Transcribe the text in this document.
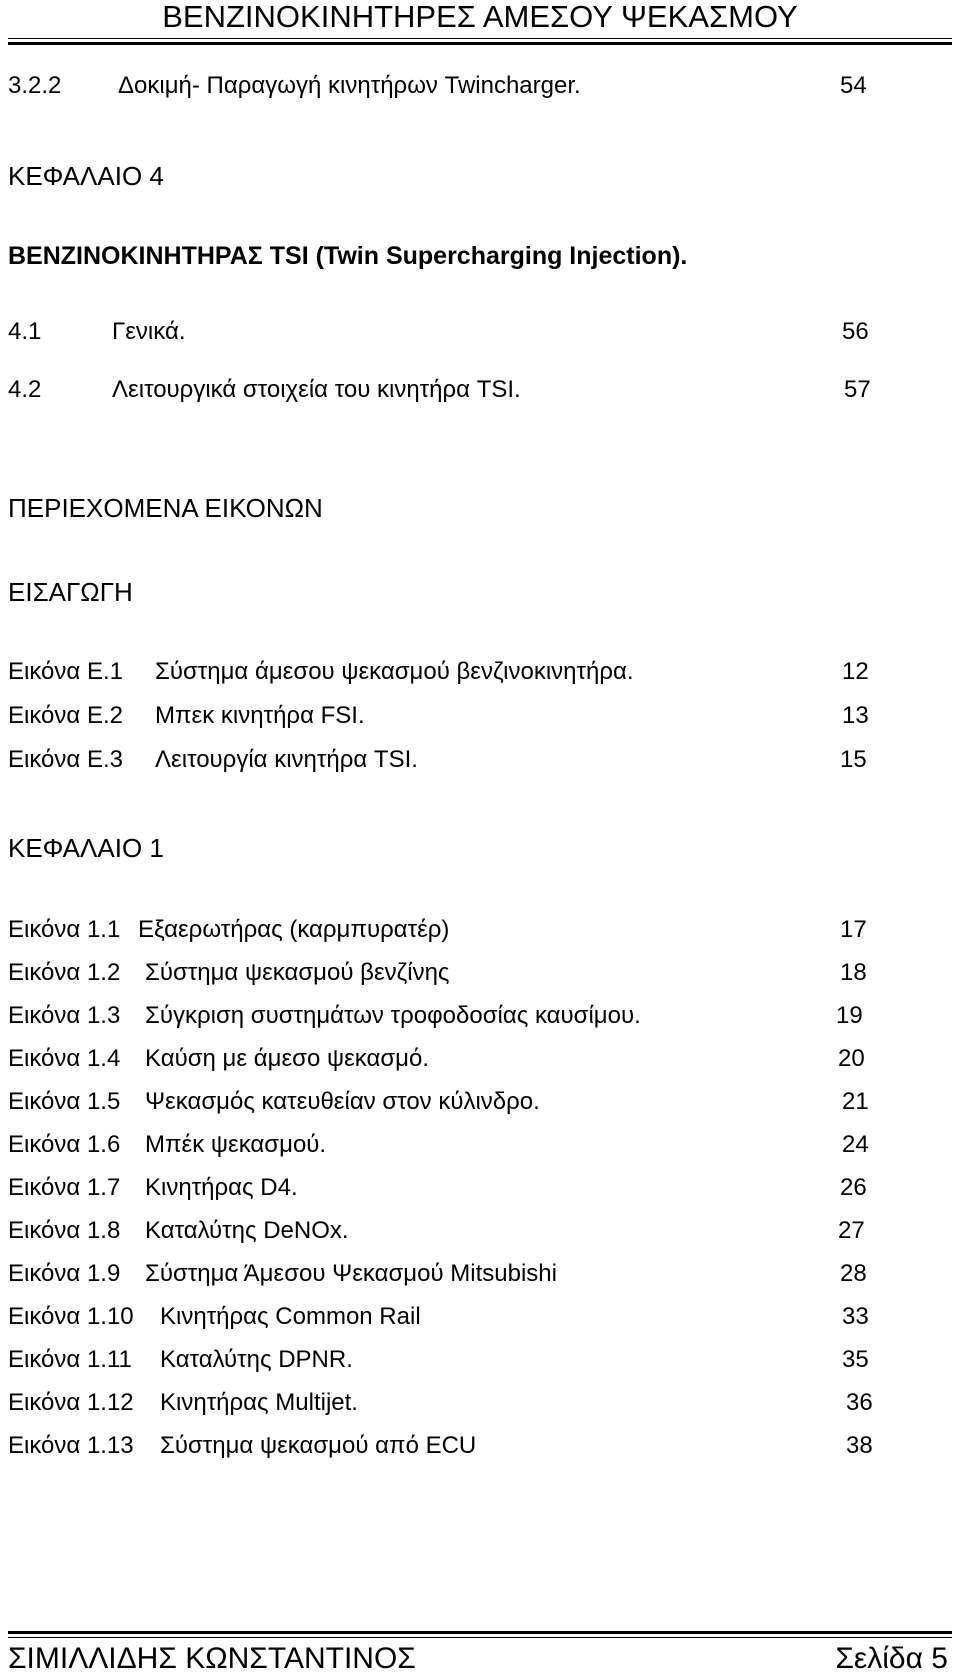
ΒΕΝΖΙΝΟΚΙΝΗΤΗΡΕΣ ΑΜΕΣΟΥ ΨΕΚΑΣΜΟΥ
3.2.2 Δοκιμή- Παραγωγή κινητήρων Twincharger.	54
ΚΕΦΑΛΑΙΟ 4
ΒΕΝΖΙΝΟΚΙΝΗΤΗΡΑΣ TSI (Twin Supercharging Injection).
4.1	Γενικά.	56
4.2	Λειτουργικά στοιχεία του κινητήρα TSI.	57
ΠΕΡΙΕΧΟΜΕΝΑ ΕΙΚΟΝΩΝ
ΕΙΣΑΓΩΓΗ
Εικόνα Ε.1 Σύστημα άμεσου ψεκασμού βενζινοκινητήρα.	12
Εικόνα Ε.2 Μπεκ κινητήρα FSI.	13
Εικόνα Ε.3 Λειτουργία κινητήρα TSI.	15
ΚΕΦΑΛΑΙΟ 1
Εικόνα 1.1 Εξαερωτήρας (καρμπυρατέρ)	17
Εικόνα 1.2 Σύστημα ψεκασμού βενζίνης	18
Εικόνα 1.3 Σύγκριση συστημάτων τροφοδοσίας καυσίμου.	19
Εικόνα 1.4 Καύση με άμεσο ψεκασμό.	20
Εικόνα 1.5 Ψεκασμός κατευθείαν στον κύλινδρο.	21
Εικόνα 1.6 Μπέκ ψεκασμού.	24
Εικόνα 1.7 Κινητήρας D4.	26
Εικόνα 1.8 Καταλύτης DeNOx.	27
Εικόνα 1.9 Σύστημα Άμεσου Ψεκασμού Mitsubishi	28
Εικόνα 1.10 Κινητήρας Common Rail	33
Εικόνα 1.11 Καταλύτης DPNR.	35
Εικόνα 1.12 Κινητήρας Multijet.	36
Εικόνα 1.13 Σύστημα ψεκασμού από ECU	38
ΣΙΜΙΛΛΙΔΗΣ ΚΩΝΣΤΑΝΤΙΝΟΣ	Σελίδα 5
